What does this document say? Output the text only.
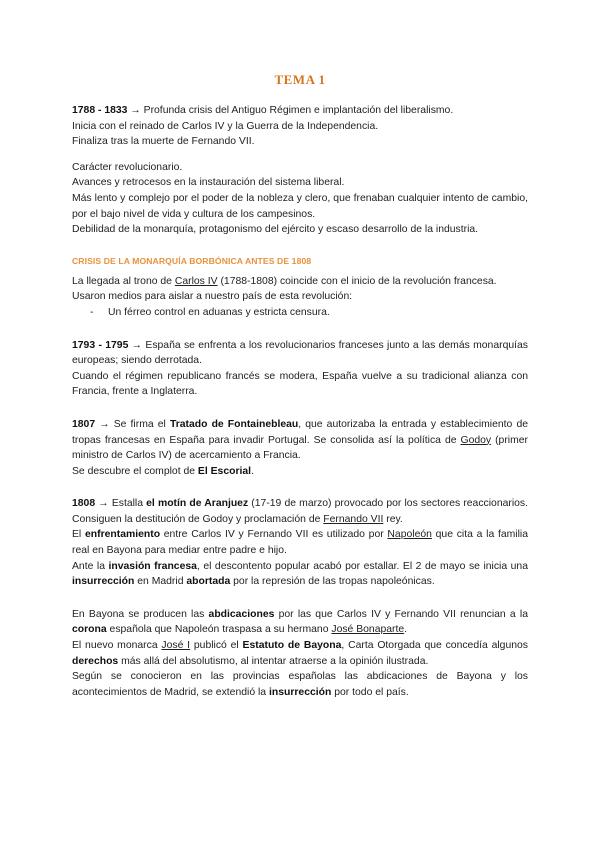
TEMA 1

1788 - 1833 → Profunda crisis del Antiguo Régimen e implantación del liberalismo.
Inicia con el reinado de Carlos IV y la Guerra de la Independencia.
Finaliza tras la muerte de Fernando VII.

Carácter revolucionario.
Avances y retrocesos en la instauración del sistema liberal.
Más lento y complejo por el poder de la nobleza y clero, que frenaban cualquier intento de cambio, por el bajo nivel de vida y cultura de los campesinos.
Debilidad de la monarquía, protagonismo del ejército y escaso desarrollo de la industria.

CRISIS DE LA MONARQUÍA BORBÓNICA ANTES DE 1808

La llegada al trono de Carlos IV (1788-1808) coincide con el inicio de la revolución francesa.
Usaron medios para aislar a nuestro país de esta revolución:

-	Un férreo control en aduanas y estricta censura.

1793 - 1795 → España se enfrenta a los revolucionarios franceses junto a las demás monarquías europeas; siendo derrotada.
Cuando el régimen republicano francés se modera, España vuelve a su tradicional alianza con Francia, frente a Inglaterra.

1807 → Se firma el Tratado de Fontainebleau, que autorizaba la entrada y establecimiento de tropas francesas en España para invadir Portugal. Se consolida así la política de Godoy (primer ministro de Carlos IV) de acercamiento a Francia.
Se descubre el complot de El Escorial.

1808 → Estalla el motín de Aranjuez (17-19 de marzo) provocado por los sectores reaccionarios. Consiguen la destitución de Godoy y proclamación de Fernando VII rey.
El enfrentamiento entre Carlos IV y Fernando VII es utilizado por Napoleón que cita a la familia real en Bayona para mediar entre padre e hijo.
Ante la invasión francesa, el descontento popular acabó por estallar. El 2 de mayo se inicia una insurrección en Madrid abortada por la represión de las tropas napoleónicas.

En Bayona se producen las abdicaciones por las que Carlos IV y Fernando VII renuncian a la corona española que Napoleón traspasa a su hermano José Bonaparte.
El nuevo monarca José I publicó el Estatuto de Bayona, Carta Otorgada que concedía algunos derechos más allá del absolutismo, al intentar atraerse a la opinión ilustrada.
Según se conocieron en las provincias españolas las abdicaciones de Bayona y los acontecimientos de Madrid, se extendió la insurrección por todo el país.
